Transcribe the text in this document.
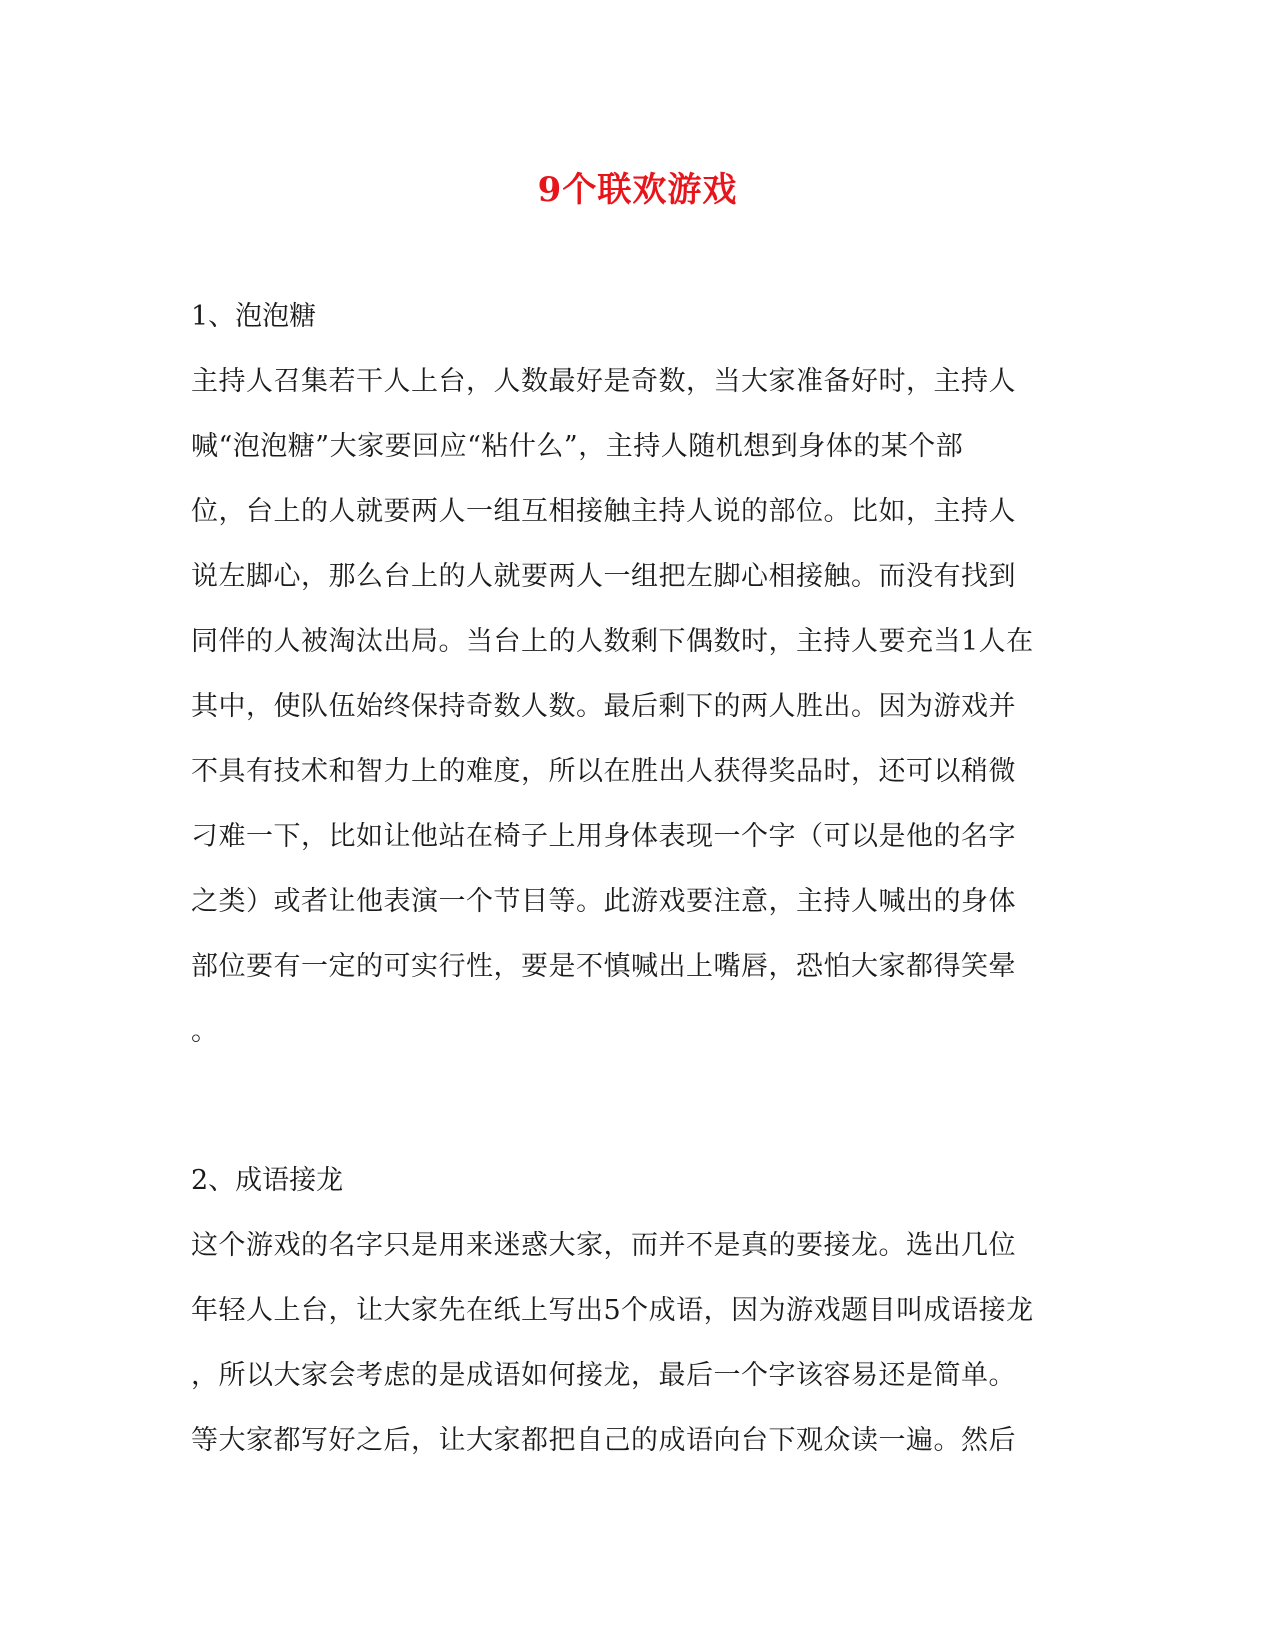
9个联欢游戏
1、泡泡糖
主持人召集若干人上台，人数最好是奇数，当大家准备好时，主持人
喊“泡泡糖”大家要回应“粘什么”，主持人随机想到身体的某个部
位，台上的人就要两人一组互相接触主持人说的部位。比如，主持人
说左脚心，那么台上的人就要两人一组把左脚心相接触。而没有找到
同伴的人被淘汰出局。当台上的人数剩下偶数时，主持人要充当1人在
其中，使队伍始终保持奇数人数。最后剩下的两人胜出。因为游戏并
不具有技术和智力上的难度，所以在胜出人获得奖品时，还可以稍微
刁难一下，比如让他站在椅子上用身体表现一个字（可以是他的名字
之类）或者让他表演一个节目等。此游戏要注意，主持人喊出的身体
部位要有一定的可实行性，要是不慎喊出上嘴唇，恐怕大家都得笑晕
。
2、成语接龙
这个游戏的名字只是用来迷惑大家，而并不是真的要接龙。选出几位
年轻人上台，让大家先在纸上写出5个成语，因为游戏题目叫成语接龙
，所以大家会考虑的是成语如何接龙，最后一个字该容易还是简单。
等大家都写好之后，让大家都把自己的成语向台下观众读一遍。然后
